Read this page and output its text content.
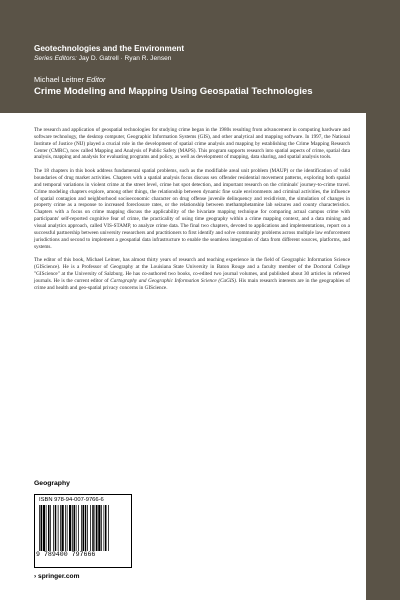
Geotechnologies and the Environment
Series Editors: Jay D. Gatrell · Ryan R. Jensen
Michael Leitner Editor
Crime Modeling and Mapping Using Geospatial Technologies

The research and application of geospatial technologies for studying crime began in the 1980s resulting from advancement in computing hardware and software technology, the desktop computer, Geographic Information Systems (GIS), and other analytical and mapping software. In 1997, the National Institute of Justice (NIJ) played a crucial role in the development of spatial crime analysis and mapping by establishing the Crime Mapping Research Center (CMRC), now called Mapping and Analysis of Public Safety (MAPS). This program supports research into spatial aspects of crime, spatial data analysis, mapping and analysis for evaluating programs and policy, as well as development of mapping, data sharing, and spatial analysis tools.

The 18 chapters in this book address fundamental spatial problems, such as the modifiable areal unit problem (MAUP) or the identification of valid boundaries of drug market activities. Chapters with a spatial analysis focus discuss sex offender residential movement patterns, exploring both spatial and temporal variations in violent crime at the street level, crime hot spot detection, and important research on the criminals' journey-to-crime travel. Crime modeling chapters explore, among other things, the relationship between dynamic fine scale environments and criminal activities, the influence of spatial contagion and neighborhood socioeconomic character on drug offense juvenile delinquency and recidivism, the simulation of changes in property crime as a response to increased foreclosure rates, or the relationship between methamphetamine lab seizures and county characteristics. Chapters with a focus on crime mapping discuss the applicability of the bivariate mapping technique for comparing actual campus crime with participants' self-reported cognitive fear of crime, the practicality of using time geography within a crime mapping context, and a data mining and visual analytics approach, called VIS-STAMP, to analyze crime data. The final two chapters, devoted to applications and implementations, report on a successful partnership between university researchers and practitioners to first identify and solve community problems across multiple law enforcement jurisdictions and second to implement a geospatial data infrastructure to enable the seamless integration of data from different sources, platforms, and systems.

The editor of this book, Michael Leitner, has almost thirty years of research and teaching experience in the field of Geographic Information Science (GIScience). He is a Professor of Geography at the Louisiana State University in Baton Rouge and a faculty member of the Doctoral College "GIScience" at the University of Salzburg. He has co-authored two books, co-edited two journal volumes, and published about 30 articles in refereed journals. He is the current editor of Cartography and Geographic Information Science (CaGIS). His main research interests are in the geographies of crime and health and geo-spatial privacy concerns in GIScience.

Geography
ISBN 978-94-007-9766-6
9 789400 797666
› springer.com
